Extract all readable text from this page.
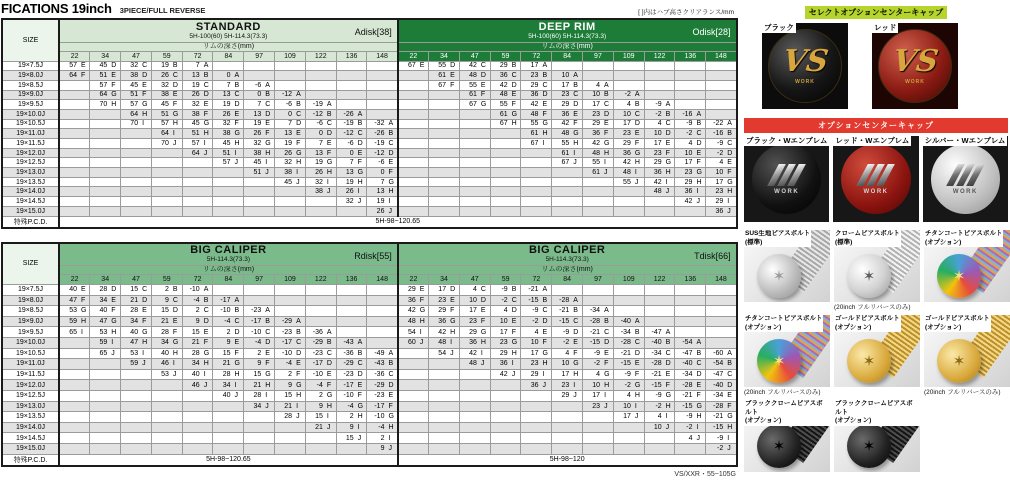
FICATIONS 19inch 3PIECE/FULL REVERSE	[ ]内はハブ高さクリアランス/mm
SIZE	
STANDARD
5H-100(60) 5H-114.3(73.3)	Adisk[38]	DEEP RIM
5H-100(60) 5H-114.3(73.3)	Odisk[28]

	リムの深さ(mm)											リムの深さ(mm)										
	22	34	47	59	72	84	97	109	122	136	148	22	34	47	59	72	84	97	109	122	136	148
19×7.5J	57 E	45 D	32 C	19 B	7 A							67 E	55 D	42 C	29 B	17 A						
19×8.0J	64 F	51 E	38 D	26 C	13 B	0 A							61 E	48 D	36 C	23 B	10 A					
19×8.5J		57 F	45 E	32 D	19 C	7 B	-6 A						67 F	55 E	42 D	29 C	17 B	4 A				
19×9.0J		64 G	51 F	38 E	26 D	13 C	0 B	-12 A						61 F	48 E	36 D	23 C	10 B	-2 A			
19×9.5J		70 H	57 G	45 F	32 E	19 D	7 C	-6 B	-19 A					67 G	55 F	42 E	29 D	17 C	4 B	-9 A		
19×10.0J			64 H	51 G	38 F	26 E	13 D	0 C	-12 B	-26 A					61 G	48 F	36 E	23 D	10 C	-2 B	-16 A	
19×10.5J			70 I	57 H	45 G	32 F	19 E	7 D	-6 C	-19 B	-32 A				67 H	55 G	42 F	29 E	17 D	4 C	-9 B	-22 A
19×11.0J				64 I	51 H	38 G	26 F	13 E	0 D	-12 C	-26 B					61 H	48 G	36 F	23 E	10 D	-2 C	-16 B
19×11.5J				70 J	57 I	45 H	32 G	19 F	7 E	-6 D	-19 C					67 I	55 H	42 G	29 F	17 E	4 D	-9 C
19×12.0J					64 J	51 I	38 H	26 G	13 F	0 E	-12 D						61 I	48 H	36 G	23 F	10 E	-2 D
19×12.5J						57 J	45 I	32 H	19 G	7 F	-6 E						67 J	55 I	42 H	29 G	17 F	4 E
19×13.0J							51 J	38 I	26 H	13 G	0 F							61 J	48 I	36 H	23 G	10 F
19×13.5J								45 J	32 I	19 H	7 G								55 J	42 I	29 H	17 G
19×14.0J									38 J	26 I	13 H									48 J	36 I	23 H
19×14.5J										32 J	19 I										42 J	29 I
19×15.0J											26 J											36 J
特殊P.C.D.	5H-98~120.65																					
SIZE	
BIG CALIPER
5H-114.3(73.3)	Rdisk[55]	BIG CALIPER
5H-114.3(73.3)	Tdisk[66]

	リムの深さ(mm)											リムの深さ(mm)										
	22	34	47	59	72	84	97	109	122	136	148	22	34	47	59	72	84	97	109	122	136	148
19×7.5J	40 E	28 D	15 C	2 B	-10 A							29 E	17 D	4 C	-9 B	-21 A						
19×8.0J	47 F	34 E	21 D	9 C	-4 B	-17 A						36 F	23 E	10 D	-2 C	-15 B	-28 A					
19×8.5J	53 G	40 F	28 E	15 D	2 C	-10 B	-23 A					42 G	29 F	17 E	4 D	-9 C	-21 B	-34 A				
19×9.0J	59 H	47 G	34 F	21 E	9 D	-4 C	-17 B	-29 A				48 H	36 G	23 F	10 E	-2 D	-15 C	-28 B	-40 A			
19×9.5J	65 I	53 H	40 G	28 F	15 E	2 D	-10 C	-23 B	-36 A			54 I	42 H	29 G	17 F	4 E	-9 D	-21 C	-34 B	-47 A		
19×10.0J		59 I	47 H	34 G	21 F	9 E	-4 D	-17 C	-29 B	-43 A		60 J	48 I	36 H	23 G	10 F	-2 E	-15 D	-28 C	-40 B	-54 A	
19×10.5J		65 J	53 I	40 H	28 G	15 F	2 E	-10 D	-23 C	-36 B	-49 A		54 J	42 I	29 H	17 G	4 F	-9 E	-21 D	-34 C	-47 B	-60 A
19×11.0J			59 J	46 I	34 H	21 G	9 F	-4 E	-17 D	-29 C	-43 B			48 J	36 I	23 H	10 G	-2 F	-15 E	-28 D	-40 C	-54 B
19×11.5J				53 J	40 I	28 H	15 G	2 F	-10 E	-23 D	-36 C				42 J	29 I	17 H	4 G	-9 F	-21 E	-34 D	-47 C
19×12.0J					46 J	34 I	21 H	9 G	-4 F	-17 E	-29 D					36 J	23 I	10 H	-2 G	-15 F	-28 E	-40 D
19×12.5J						40 J	28 I	15 H	2 G	-10 F	-23 E						29 J	17 I	4 H	-9 G	-21 F	-34 E
19×13.0J							34 J	21 I	9 H	-4 G	-17 F							23 J	10 I	-2 H	-15 G	-28 F
19×13.5J								28 J	15 I	2 H	-10 G								17 J	4 I	-9 H	-21 G
19×14.0J									21 J	9 I	-4 H									10 J	-2 I	-15 H
19×14.5J										15 J	2 I										4 J	-9 I
19×15.0J											9 J											-2 J
特殊P.C.D.	5H-98~120.65											5H-98~120										
VS/XXR・55~105G
セレクトオプションセンターキャップ
ブラック
VS
WORK
レッド
VS
WORK
オプションセンターキャップ
ブラック・Wエンブレム
WORK
レッド・Wエンブレム
WORK
シルバー・Wエンブレム
WORK
SUS生地ピアスボルト
(標準)
✶
クロームピアスボルト
(標準)
✶
(20inch フルリバースのみ)
チタンコートピアスボルト
(オプション)
✶
チタンコートピアスボルト
(オプション)
✶
(20inch フルリバースのみ)
ゴールドピアスボルト
(オプション)
✶
ゴールドピアスボルト
(オプション)
✶
(20inch フルリバースのみ)
ブラッククロームピアスボルト
(オプション)
✶
ブラッククロームピアスボルト
(オプション)
✶
